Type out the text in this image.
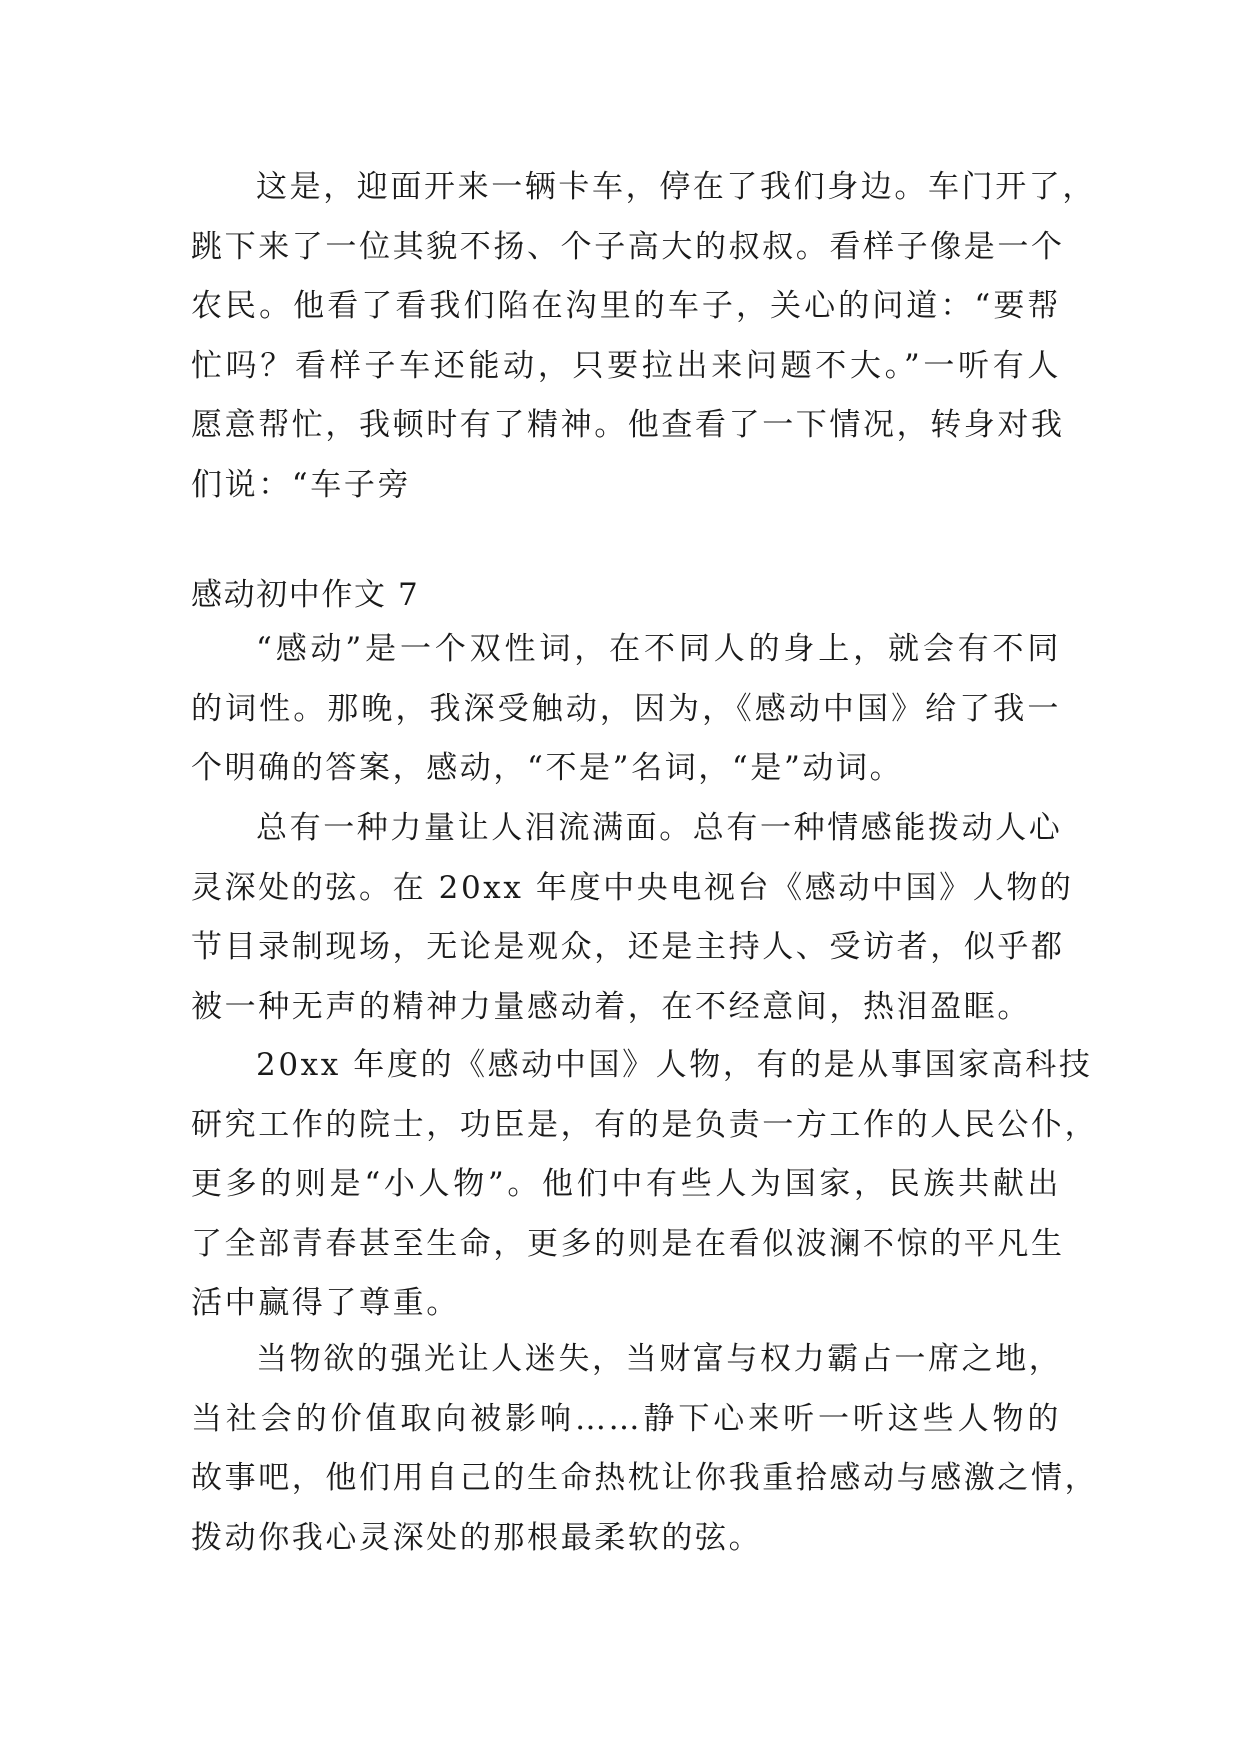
这是，迎面开来一辆卡车，停在了我们身边。车门开了，
跳下来了一位其貌不扬、个子高大的叔叔。看样子像是一个
农民。他看了看我们陷在沟里的车子，关心的问道：“要帮
忙吗？看样子车还能动，只要拉出来问题不大。”一听有人
愿意帮忙，我顿时有了精神。他查看了一下情况，转身对我
们说：“车子旁
感动初中作文 7
“感动”是一个双性词，在不同人的身上，就会有不同
的词性。那晚，我深受触动，因为，《感动中国》给了我一
个明确的答案，感动，“不是”名词，“是”动词。
总有一种力量让人泪流满面。总有一种情感能拨动人心
灵深处的弦。在 20xx 年度中央电视台《感动中国》人物的
节目录制现场，无论是观众，还是主持人、受访者，似乎都
被一种无声的精神力量感动着，在不经意间，热泪盈眶。
20xx 年度的《感动中国》人物，有的是从事国家高科技
研究工作的院士，功臣是，有的是负责一方工作的人民公仆，
更多的则是“小人物”。他们中有些人为国家，民族共献出
了全部青春甚至生命，更多的则是在看似波澜不惊的平凡生
活中赢得了尊重。
当物欲的强光让人迷失，当财富与权力霸占一席之地，
当社会的价值取向被影响……静下心来听一听这些人物的
故事吧，他们用自己的生命热枕让你我重拾感动与感激之情，
拨动你我心灵深处的那根最柔软的弦。
